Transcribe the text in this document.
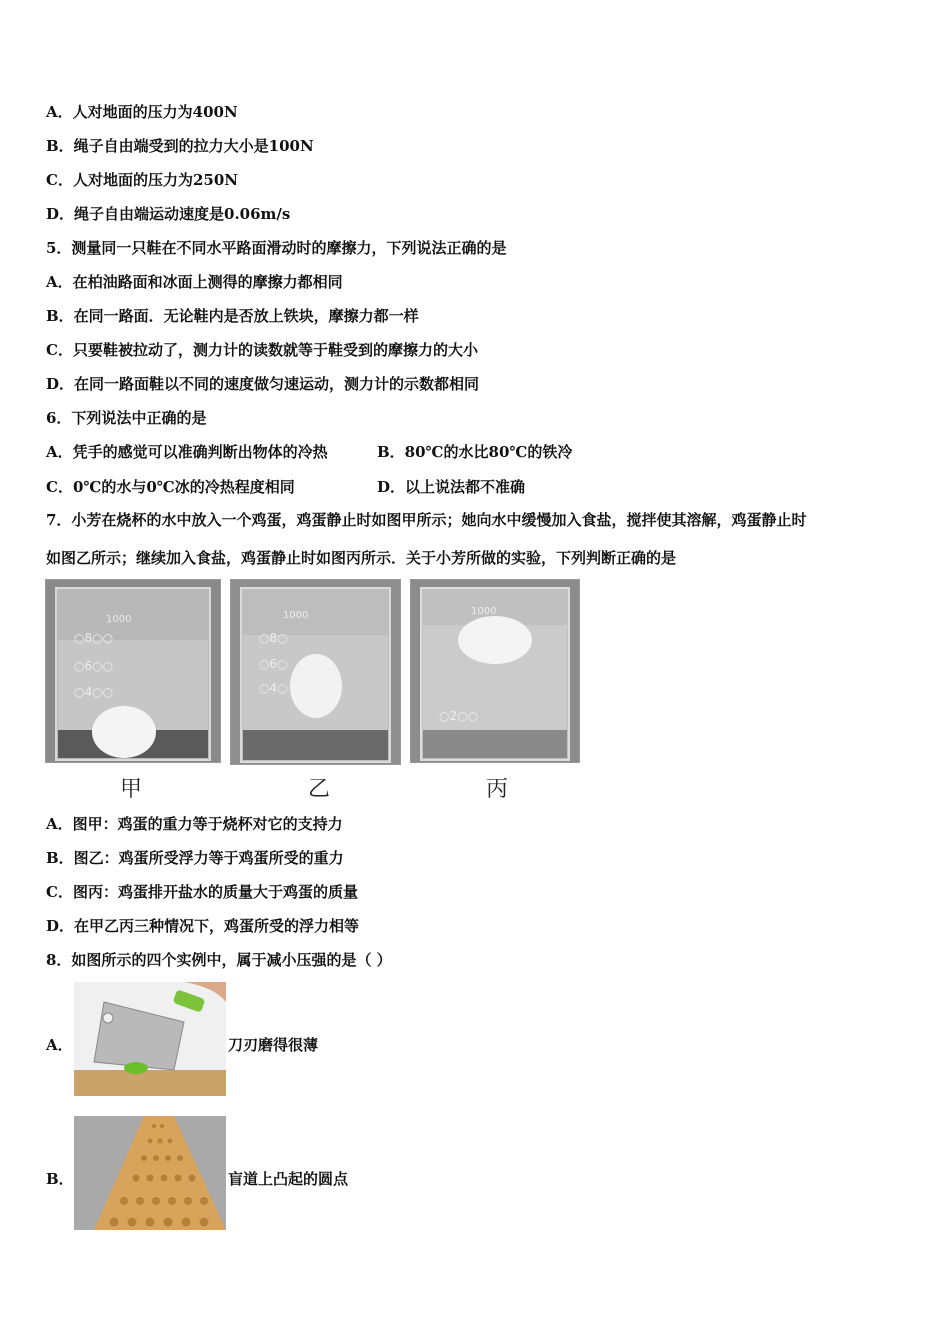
A．人对地面的压力为400N
B．绳子自由端受到的拉力大小是100N
C．人对地面的压力为250N
D．绳子自由端运动速度是0.06m/s
5．测量同一只鞋在不同水平路面滑动时的摩擦力，下列说法正确的是
A．在柏油路面和冰面上测得的摩擦力都相同
B．在同一路面．无论鞋内是否放上铁块，摩擦力都一样
C．只要鞋被拉动了，测力计的读数就等于鞋受到的摩擦力的大小
D．在同一路面鞋以不同的速度做匀速运动，测力计的示数都相同
6．下列说法中正确的是
A．凭手的感觉可以准确判断出物体的冷热	B．80℃的水比80℃的铁冷
C．0℃的水与0℃冰的冷热程度相同	D．以上说法都不准确
7．小芳在烧杯的水中放入一个鸡蛋，鸡蛋静止时如图甲所示；她向水中缓慢加入食盐，搅拌使其溶解，鸡蛋静止时
如图乙所示；继续加入食盐，鸡蛋静止时如图丙所示．关于小芳所做的实验，下列判断正确的是
1000
○8○○
○6○○
○4○○
1000
○8○
○6○
○4○
1000
○2○○
甲	乙	丙
A．图甲：鸡蛋的重力等于烧杯对它的支持力
B．图乙：鸡蛋所受浮力等于鸡蛋所受的重力
C．图丙：鸡蛋排开盐水的质量大于鸡蛋的质量
D．在甲乙丙三种情况下，鸡蛋所受的浮力相等
8．如图所示的四个实例中，属于减小压强的是（ ）
A．	刀刃磨得很薄
B．	盲道上凸起的圆点
